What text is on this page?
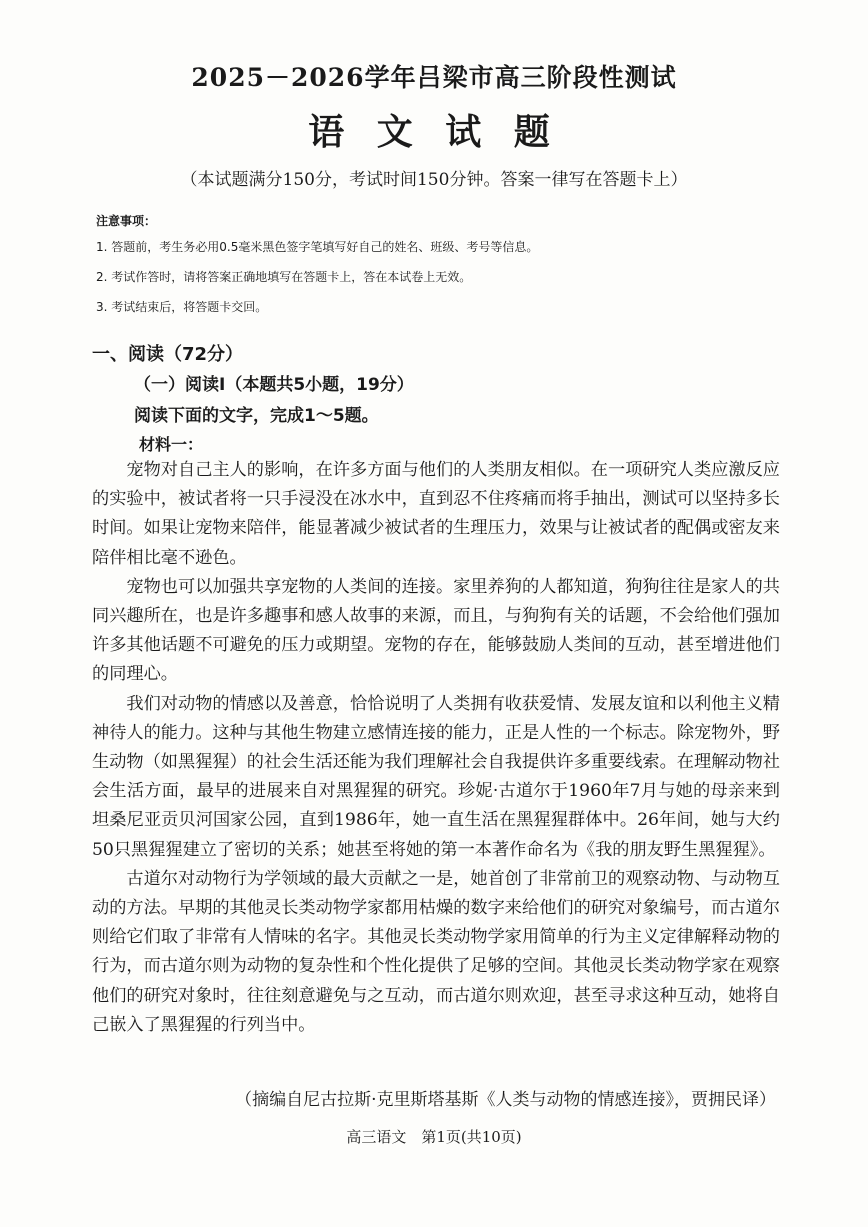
2025－2026学年吕梁市高三阶段性测试
语 文 试 题
（本试题满分150分，考试时间150分钟。答案一律写在答题卡上）
注意事项：
1. 答题前，考生务必用0.5毫米黑色签字笔填写好自己的姓名、班级、考号等信息。
2. 考试作答时，请将答案正确地填写在答题卡上，答在本试卷上无效。
3. 考试结束后，将答题卡交回。
一、阅读（72分）
（一）阅读Ⅰ（本题共5小题，19分）
阅读下面的文字，完成1～5题。
材料一：

宠物对自己主人的影响，在许多方面与他们的人类朋友相似。在一项研究人类应激反应的实验中，被试者将一只手浸没在冰水中，直到忍不住疼痛而将手抽出，测试可以坚持多长时间。如果让宠物来陪伴，能显著减少被试者的生理压力，效果与让被试者的配偶或密友来陪伴相比毫不逊色。

宠物也可以加强共享宠物的人类间的连接。家里养狗的人都知道，狗狗往往是家人的共同兴趣所在，也是许多趣事和感人故事的来源，而且，与狗狗有关的话题，不会给他们强加许多其他话题不可避免的压力或期望。宠物的存在，能够鼓励人类间的互动，甚至增进他们的同理心。

我们对动物的情感以及善意，恰恰说明了人类拥有收获爱情、发展友谊和以利他主义精神待人的能力。这种与其他生物建立感情连接的能力，正是人性的一个标志。除宠物外，野生动物（如黑猩猩）的社会生活还能为我们理解社会自我提供许多重要线索。在理解动物社会生活方面，最早的进展来自对黑猩猩的研究。珍妮·古道尔于1960年7月与她的母亲来到坦桑尼亚贡贝河国家公园，直到1986年，她一直生活在黑猩猩群体中。26年间，她与大约50只黑猩猩建立了密切的关系；她甚至将她的第一本著作命名为《我的朋友野生黑猩猩》。

古道尔对动物行为学领域的最大贡献之一是，她首创了非常前卫的观察动物、与动物互动的方法。早期的其他灵长类动物学家都用枯燥的数字来给他们的研究对象编号，而古道尔则给它们取了非常有人情味的名字。其他灵长类动物学家用简单的行为主义定律解释动物的行为，而古道尔则为动物的复杂性和个性化提供了足够的空间。其他灵长类动物学家在观察他们的研究对象时，往往刻意避免与之互动，而古道尔则欢迎，甚至寻求这种互动，她将自己嵌入了黑猩猩的行列当中。

（摘编自尼古拉斯·克里斯塔基斯《人类与动物的情感连接》，贾拥民译）
高三语文　第1页(共10页)
